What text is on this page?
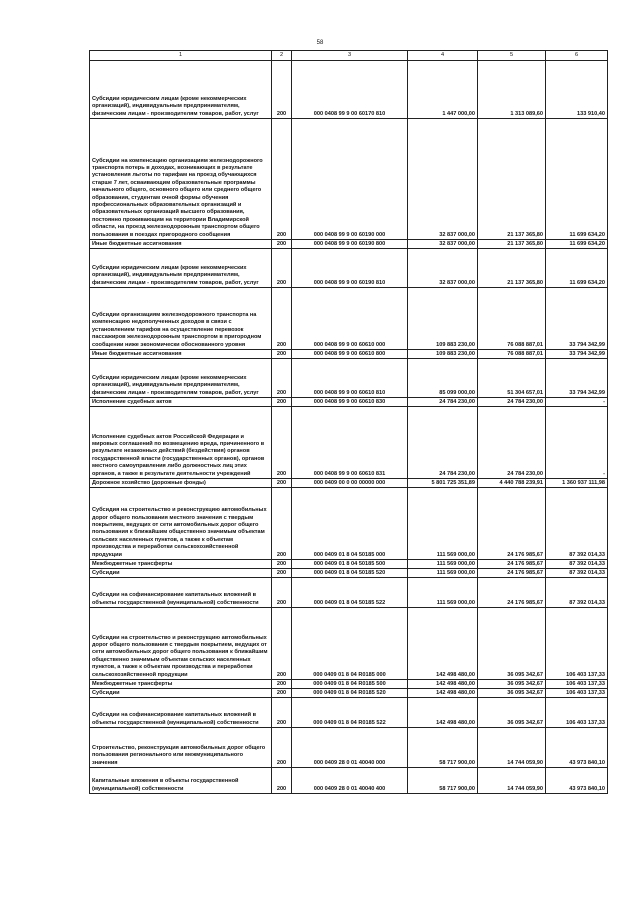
58
1	2	3	4	5	6
Субсидии юридическим лицам (кроме некоммерческих организаций), индивидуальным предпринимателям, физическим лицам - производителям товаров, работ, услуг	200	000 0408 99 9 00 60170 810	1 447 000,00	1 313 089,60	133 910,40
Субсидии на компенсацию организациям железнодорожного транспорта потерь в доходах, возникающих в результате установления льготы по тарифам на проезд обучающихся старше 7 лет, осваивающим образовательные программы начального общего, основного общего или среднего общего образования, студентам очной формы обучения профессиональных образовательных организаций и образовательных организаций высшего образования, постоянно проживающим на территории Владимирской области, на проезд железнодорожным транспортом общего пользования в поездах пригородного сообщения	200	000 0408 99 9 00 60190 000	32 837 000,00	21 137 365,80	11 699 634,20
Иные бюджетные ассигнования	200	000 0408 99 9 00 60190 800	32 837 000,00	21 137 365,80	11 699 634,20
Субсидии юридическим лицам (кроме некоммерческих организаций), индивидуальным предпринимателям, физическим лицам - производителям товаров, работ, услуг	200	000 0408 99 9 00 60190 810	32 837 000,00	21 137 365,80	11 699 634,20
Субсидии организациям железнодорожного транспорта на компенсацию недополученных доходов в связи с установлением тарифов на осуществление перевозок пассажиров железнодорожным транспортом в пригородном сообщении ниже экономически обоснованного уровня	200	000 0408 99 9 00 60610 000	109 883 230,00	76 088 887,01	33 794 342,99
Иные бюджетные ассигнования	200	000 0408 99 9 00 60610 800	109 883 230,00	76 088 887,01	33 794 342,99
Субсидии юридическим лицам (кроме некоммерческих организаций), индивидуальным предпринимателям, физическим лицам - производителям товаров, работ, услуг	200	000 0408 99 9 00 60610 810	85 099 000,00	51 304 657,01	33 794 342,99
Исполнение судебных актов	200	000 0408 99 9 00 60610 830	24 784 230,00	24 784 230,00	-
Исполнение судебных актов Российской Федерации и мировых соглашений по возмещению вреда, причиненного в результате незаконных действий (бездействия) органов государственной власти (государственных органов), органов местного самоуправления либо должностных лиц этих органов, а также в результате деятельности учреждений	200	000 0408 99 9 00 60610 831	24 784 230,00	24 784 230,00	-
Дорожное хозяйство (дорожные фонды)	200	000 0409 00 0 00 00000 000	5 801 725 351,89	4 440 788 239,91	1 360 937 111,98
Субсидия на строительство и реконструкцию автомобильных дорог общего пользования местного значения с твердым покрытием, ведущих от сети автомобильных дорог общего пользования к ближайшим общественно значимым объектам сельских населенных пунктов, а также к объектам производства и переработки сельскохозяйственной продукции	200	000 0409 01 8 04 50185 000	111 569 000,00	24 176 985,67	87 392 014,33
Межбюджетные трансферты	200	000 0409 01 8 04 50185 500	111 569 000,00	24 176 985,67	87 392 014,33
Субсидии	200	000 0409 01 8 04 50185 520	111 569 000,00	24 176 985,67	87 392 014,33
Субсидии на софинансирование капитальных вложений в объекты государственной (муниципальной) собственности	200	000 0409 01 8 04 50185 522	111 569 000,00	24 176 985,67	87 392 014,33
Субсидии на строительство и реконструкцию автомобильных дорог общего пользования с твердым покрытием, ведущих от сети автомобильных дорог общего пользования к ближайшим общественно значимым объектам сельских населенных пунктов, а также к объектам производства и переработки сельскохозяйственной продукции	200	000 0409 01 8 04 R0185 000	142 498 480,00	36 095 342,67	106 403 137,33
Межбюджетные трансферты	200	000 0409 01 8 04 R0185 500	142 498 480,00	36 095 342,67	106 403 137,33
Субсидии	200	000 0409 01 8 04 R0185 520	142 498 480,00	36 095 342,67	106 403 137,33
Субсидии на софинансирование капитальных вложений в объекты государственной (муниципальной) собственности	200	000 0409 01 8 04 R0185 522	142 498 480,00	36 095 342,67	106 403 137,33
Строительство, реконструкция автомобильных дорог общего пользования регионального или межмуниципального значения	200	000 0409 28 0 01 40040 000	58 717 900,00	14 744 059,90	43 973 840,10
Капитальные вложения в объекты государственной (муниципальной) собственности	200	000 0409 28 0 01 40040 400	58 717 900,00	14 744 059,90	43 973 840,10
